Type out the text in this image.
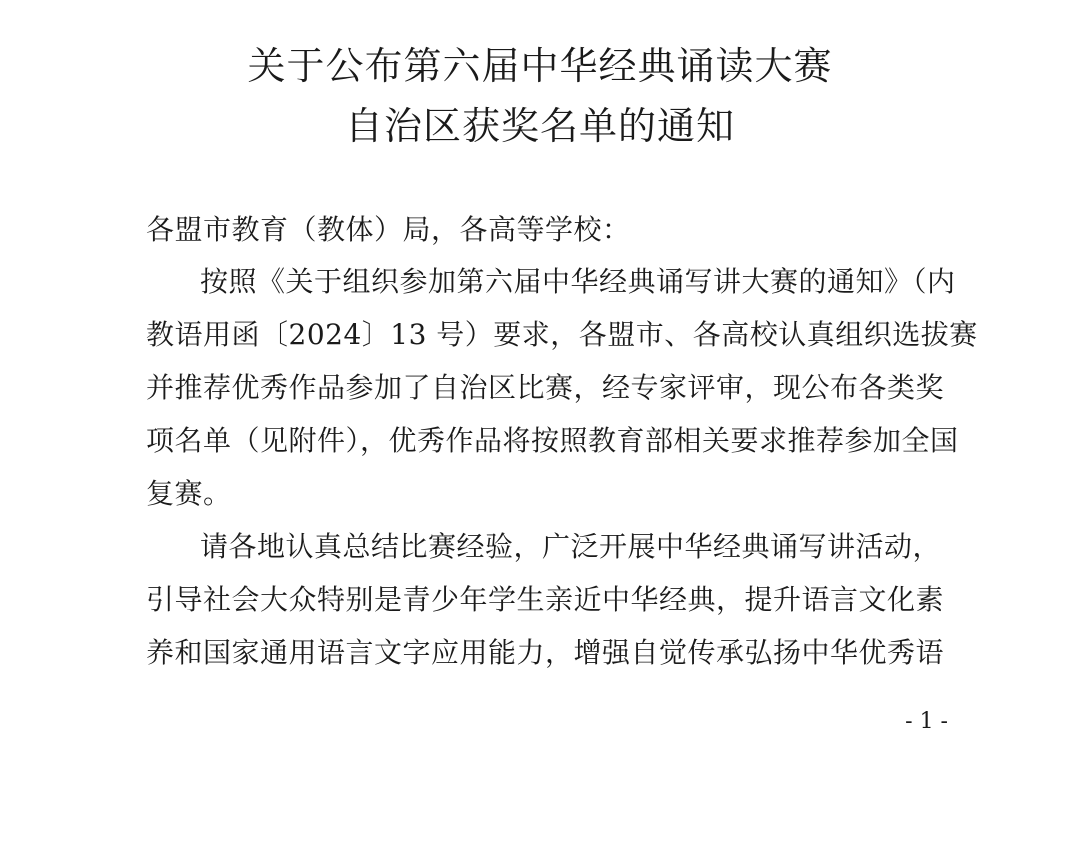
关于公布第六届中华经典诵读大赛
自治区获奖名单的通知
各盟市教育（教体）局，各高等学校：
按照《关于组织参加第六届中华经典诵写讲大赛的通知》（内
教语用函〔2024〕13 号）要求，各盟市、各高校认真组织选拔赛
并推荐优秀作品参加了自治区比赛，经专家评审，现公布各类奖
项名单（见附件），优秀作品将按照教育部相关要求推荐参加全国
复赛。
请各地认真总结比赛经验，广泛开展中华经典诵写讲活动，
引导社会大众特别是青少年学生亲近中华经典，提升语言文化素
养和国家通用语言文字应用能力，增强自觉传承弘扬中华优秀语
- 1 -
